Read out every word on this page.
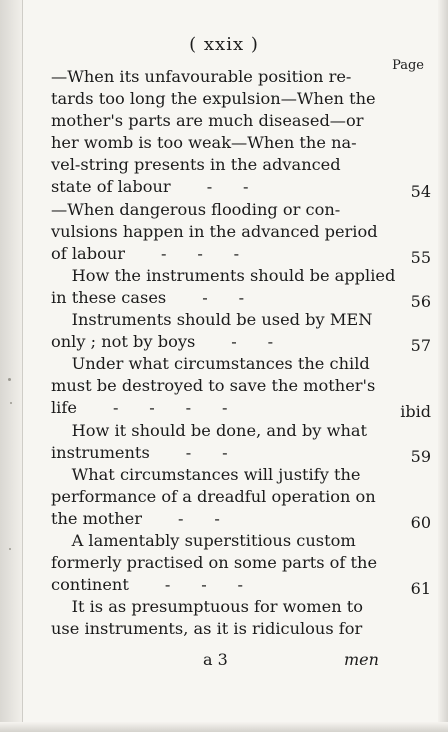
( xxix )
Page
—When its unfavourable position re-
tards too long the expulsion—When the
mother's parts are much diseased—or
her womb is too weak—When the na-
vel-string presents in the advanced
state of labour       -      -	54
—When dangerous flooding or con-
vulsions happen in the advanced period
of labour       -      -      -	55
How the instruments should be applied
in these cases       -      -	56
Instruments should be used by MEN
only ; not by boys       -      -	57
Under what circumstances the child
must be destroyed to save the mother's
life       -      -      -      -	ibid
How it should be done, and by what
instruments       -      -	59
What circumstances will justify the
performance of a dreadful operation on
the mother       -      -	60
A lamentably superstitious custom
formerly practised on some parts of the
continent       -      -      -	61
It is as presumptuous for women to
use instruments, as it is ridiculous for
a 3	men
